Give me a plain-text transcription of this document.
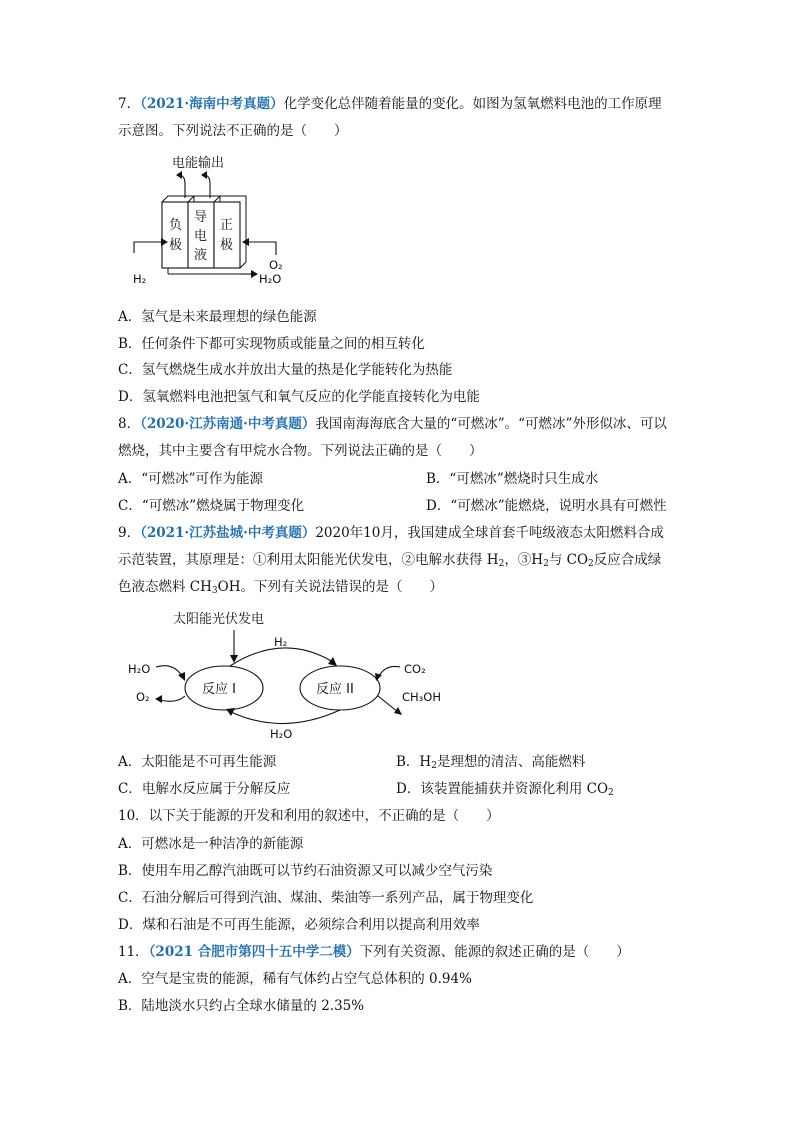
7．（2021·海南中考真题）化学变化总伴随着能量的变化。如图为氢氧燃料电池的工作原理
示意图。下列说法不正确的是（　　）
电能输出
负
极
导
电
液
正
极
H₂
O₂
H₂O
A．氢气是未来最理想的绿色能源
B．任何条件下都可实现物质或能量之间的相互转化
C．氢气燃烧生成水并放出大量的热是化学能转化为热能
D．氢氧燃料电池把氢气和氧气反应的化学能直接转化为电能
8．（2020·江苏南通·中考真题）我国南海海底含大量的“可燃冰”。“可燃冰”外形似冰、可以
燃烧，其中主要含有甲烷水合物。下列说法正确的是（　　）
A．“可燃冰”可作为能源	B．“可燃冰”燃烧时只生成水
C．“可燃冰”燃烧属于物理变化	D．“可燃冰”能燃烧，说明水具有可燃性
9．（2021·江苏盐城·中考真题）2020年10月，我国建成全球首套千吨级液态太阳燃料合成
示范装置，其原理是：①利用太阳能光伏发电，②电解水获得 $H_2$，$③H_2$与 $CO_2$反应合成绿
色液态燃料 $CH_3OH$。下列有关说法错误的是（　　）
太阳能光伏发电
反应 I	反应 II
H₂
H₂O
H₂O
O₂
CO₂
CH₃OH
A．太阳能是不可再生能源	B．$H_2$是理想的清洁、高能燃料
C．电解水反应属于分解反应	D．该装置能捕获并资源化利用 $CO_2$
10．以下关于能源的开发和利用的叙述中，不正确的是（　　）
A．可燃冰是一种洁净的新能源
B．使用车用乙醇汽油既可以节约石油资源又可以减少空气污染
C．石油分解后可得到汽油、煤油、柴油等一系列产品，属于物理变化
D．煤和石油是不可再生能源，必须综合利用以提高利用效率
11．（2021 合肥市第四十五中学二模）下列有关资源、能源的叙述正确的是（　　）
A．空气是宝贵的能源，稀有气体约占空气总体积的 0.94%
B．陆地淡水只约占全球水储量的 2.35%
